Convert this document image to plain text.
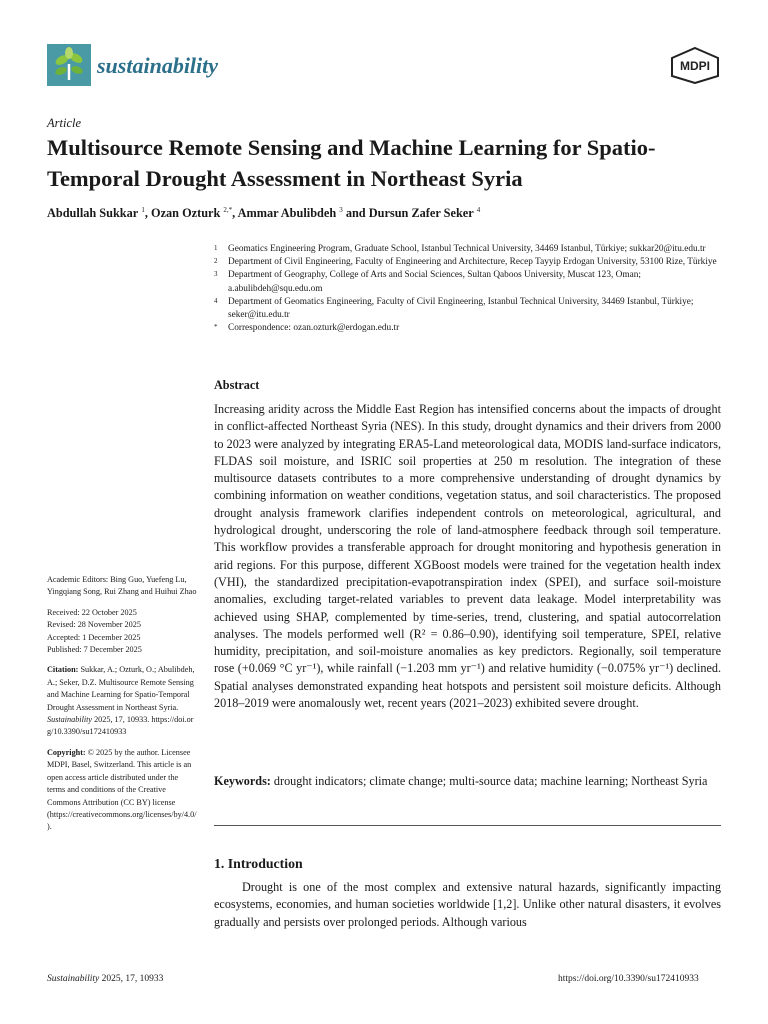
sustainability	MDPI
Article
Multisource Remote Sensing and Machine Learning for Spatio-Temporal Drought Assessment in Northeast Syria
Abdullah Sukkar $^1$, Ozan Ozturk $^{2,*}$, Ammar Abulibdeh $^3$ and Dursun Zafer Seker $^4$
1	Geomatics Engineering Program, Graduate School, Istanbul Technical University, 34469 Istanbul, Türkiye; sukkar20@itu.edu.tr
2	Department of Civil Engineering, Faculty of Engineering and Architecture, Recep Tayyip Erdogan University, 53100 Rize, Türkiye
3	Department of Geography, College of Arts and Social Sciences, Sultan Qaboos University, Muscat 123, Oman; a.abulibdeh@squ.edu.om
4	Department of Geomatics Engineering, Faculty of Civil Engineering, Istanbul Technical University, 34469 Istanbul, Türkiye; seker@itu.edu.tr
*	Correspondence: ozan.ozturk@erdogan.edu.tr
Abstract

Increasing aridity across the Middle East Region has intensified concerns about the impacts of drought in conflict-affected Northeast Syria (NES). In this study, drought dynamics and their drivers from 2000 to 2023 were analyzed by integrating ERA5-Land meteorological data, MODIS land-surface indicators, FLDAS soil moisture, and ISRIC soil properties at 250 m resolution. The integration of these multisource datasets contributes to a more comprehensive understanding of drought dynamics by combining information on weather conditions, vegetation status, and soil characteristics. The proposed drought analysis framework clarifies independent controls on meteorological, agricultural, and hydrological drought, underscoring the role of land-atmosphere feedback through soil temperature. This workflow provides a transferable approach for drought monitoring and hypothesis generation in arid regions. For this purpose, different XGBoost models were trained for the vegetation health index (VHI), the standardized precipitation-evapotranspiration index (SPEI), and surface soil-moisture anomalies, excluding target-related variables to prevent data leakage. Model interpretability was achieved using SHAP, complemented by time-series, trend, clustering, and spatial autocorrelation analyses. The models performed well (R² = 0.86–0.90), identifying soil temperature, SPEI, relative humidity, precipitation, and soil-moisture anomalies as key predictors. Regionally, soil temperature rose (+0.069 °C yr⁻¹), while rainfall (−1.203 mm yr⁻¹) and relative humidity (−0.075% yr⁻¹) declined. Spatial analyses demonstrated expanding heat hotspots and persistent soil moisture deficits. Although 2018–2019 were anomalously wet, recent years (2021–2023) exhibited severe drought.

Keywords: drought indicators; climate change; multi-source data; machine learning; Northeast Syria

1. Introduction

Drought is one of the most complex and extensive natural hazards, significantly impacting ecosystems, economies, and human societies worldwide [1,2]. Unlike other natural disasters, it evolves gradually and persists over prolonged periods. Although various

Academic Editors: Bing Guo, Yuefeng Lu, Yingqiang Song, Rui Zhang and Huihui Zhao

Received: 22 October 2025
Revised: 28 November 2025
Accepted: 1 December 2025
Published: 7 December 2025

Citation: Sukkar, A.; Ozturk, O.; Abulibdeh, A.; Seker, D.Z. Multisource Remote Sensing and Machine Learning for Spatio-Temporal Drought Assessment in Northeast Syria. Sustainability 2025, 17, 10933. https://doi.org/10.3390/su172410933

Copyright: © 2025 by the author. Licensee MDPI, Basel, Switzerland. This article is an open access article distributed under the terms and conditions of the Creative Commons Attribution (CC BY) license (https://creativecommons.org/licenses/by/4.0/).

Sustainability 2025, 17, 10933	https://doi.org/10.3390/su172410933
